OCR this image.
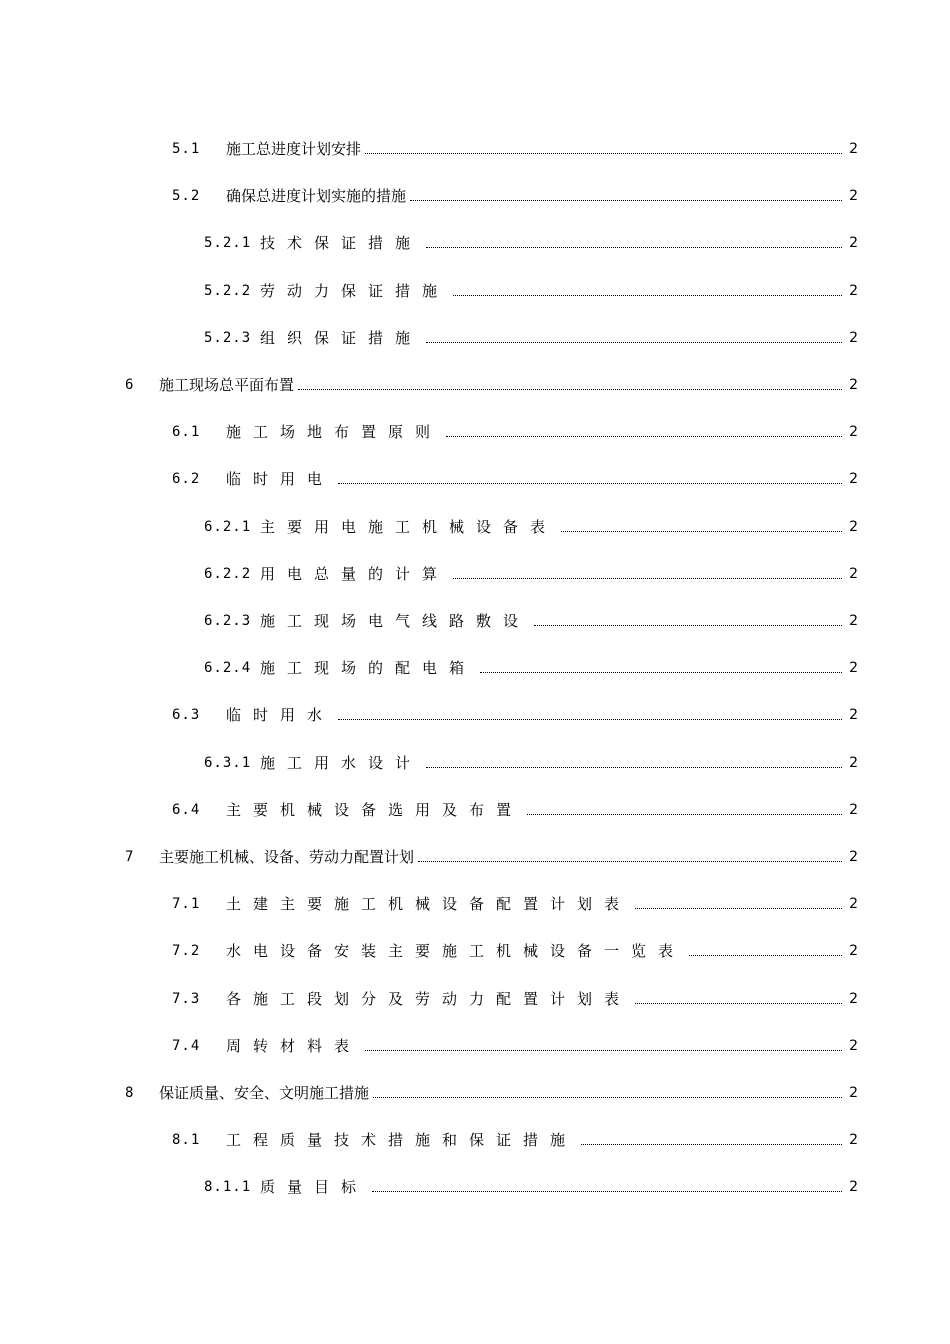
5.1	施工总进度计划安排	2
5.2	确保总进度计划实施的措施	2
5.2.1 技术保证措施	2
5.2.2 劳动力保证措施	2
5.2.3 组织保证措施	2
6	施工现场总平面布置	2
6.1	施工场地布置原则	2
6.2	临时用电	2
6.2.1 主要用电施工机械设备表	2
6.2.2 用电总量的计算	2
6.2.3 施工现场电气线路敷设	2
6.2.4 施工现场的配电箱	2
6.3	临时用水	2
6.3.1 施工用水设计	2
6.4	主要机械设备选用及布置	2
7	主要施工机械、设备、劳动力配置计划	2
7.1	土建主要施工机械设备配置计划表	2
7.2	水电设备安装主要施工机械设备一览表	2
7.3	各施工段划分及劳动力配置计划表	2
7.4	周转材料表	2
8	保证质量、安全、文明施工措施	2
8.1	工程质量技术措施和保证措施	2
8.1.1 质量目标	2
